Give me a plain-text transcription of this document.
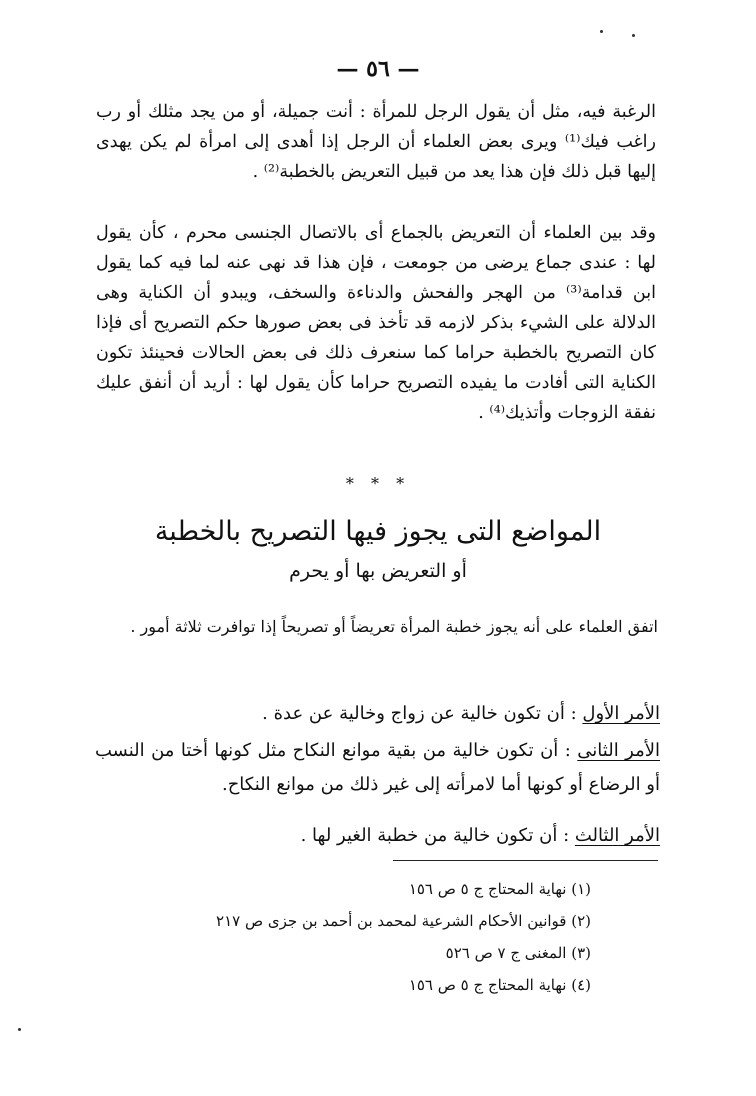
— ٥٦ —

الرغبة فيه، مثل أن يقول الرجل للمرأة : أنت جميلة، أو من يجد مثلك أو رب راغب فيك⁽¹⁾ ويرى بعض العلماء أن الرجل إذا أهدى إلى امرأة لم يكن يهدى إليها قبل ذلك فإن هذا يعد من قبيل التعريض بالخطبة⁽²⁾ .

وقد بين العلماء أن التعريض بالجماع أى بالاتصال الجنسى محرم ، كأن يقول لها : عندى جماع يرضى من جومعت ، فإن هذا قد نهى عنه لما فيه كما يقول ابن قدامة⁽³⁾ من الهجر والفحش والدناءة والسخف، ويبدو أن الكناية وهى الدلالة على الشيء بذكر لازمه قد تأخذ فى بعض صورها حكم التصريح أى فإذا كان التصريح بالخطبة حراما كما سنعرف ذلك فى بعض الحالات فحينئذ تكون الكناية التى أفادت ما يفيده التصريح حراما كأن يقول لها : أريد أن أنفق عليك نفقة الزوجات وأتذيك⁽⁴⁾ .

* * *
المواضع التى يجوز فيها التصريح بالخطبة
أو التعريض بها أو يحرم

اتفق العلماء على أنه يجوز خطبة المرأة تعريضاً أو تصريحاً إذا توافرت ثلاثة أمور .

الأمر الأول : أن تكون خالية عن زواج وخالية عن عدة .

الأمر الثانى : أن تكون خالية من بقية موانع النكاح مثل كونها أختا من النسب أو الرضاع أو كونها أما لامرأته إلى غير ذلك من موانع النكاح.

الأمر الثالث : أن تكون خالية من خطبة الغير لها .

(١) نهاية المحتاج ج ٥ ص ١٥٦
(٢) قوانين الأحكام الشرعية لمحمد بن أحمد بن جزى ص ٢١٧
(٣) المغنى ج ٧ ص ٥٢٦
(٤) نهاية المحتاج ج ٥ ص ١٥٦
